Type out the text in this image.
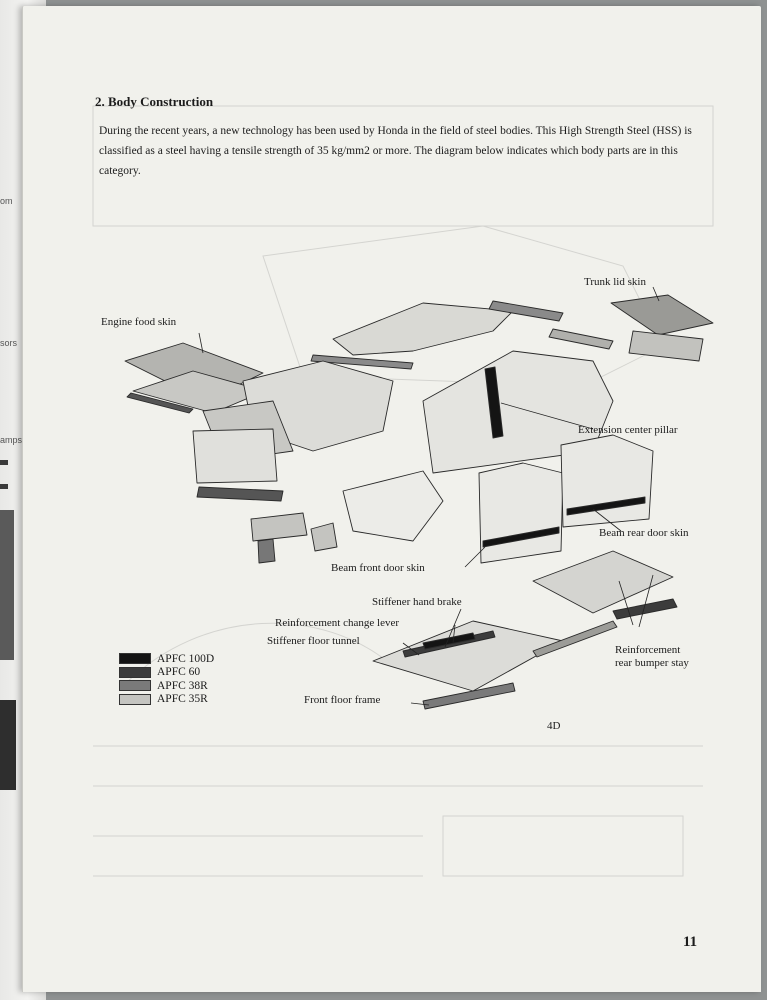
om
sors
amps
2. Body Construction
During the recent years, a new technology has been used by Honda in the field of steel bodies. This High Strength Steel (HSS) is classified as a steel having a tensile strength of 35 kg/mm2 or more. The diagram below indicates which body parts are in this category.
Engine food skin
Trunk lid skin
Extension center pillar
Beam rear door skin
Beam front door skin
Stiffener hand brake
Reinforcement change lever
Stiffener floor tunnel
Reinforcement
rear bumper stay
Front floor frame
4D
APFC 100D
APFC 60
APFC 38R
APFC 35R
11
